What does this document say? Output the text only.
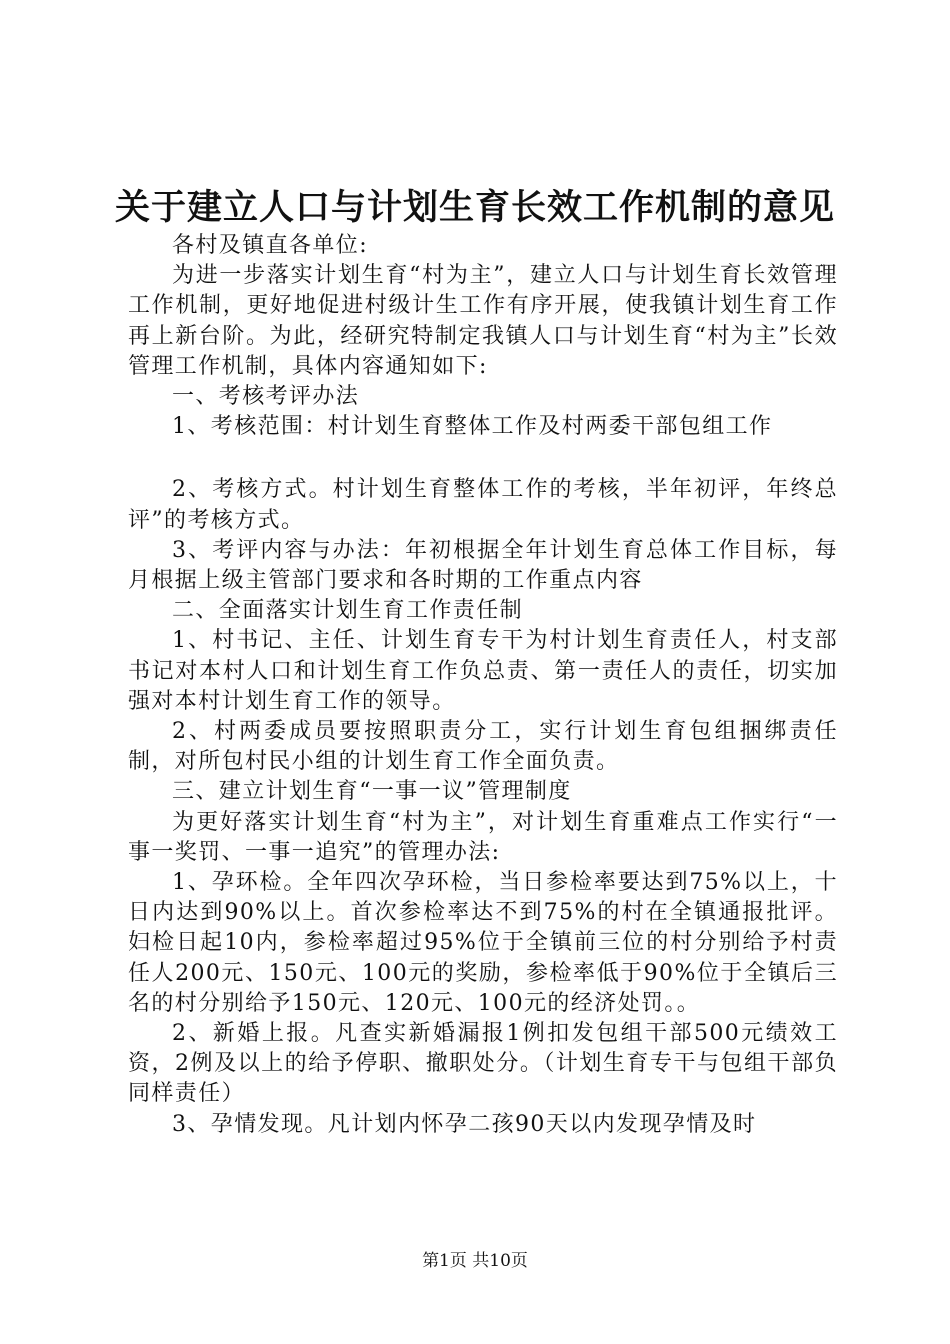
关于建立人口与计划生育长效工作机制的意见

各村及镇直各单位:

为进一步落实计划生育“村为主”，建立人口与计划生育长效管理工作机制，更好地促进村级计生工作有序开展，使我镇计划生育工作再上新台阶。为此，经研究特制定我镇人口与计划生育“村为主”长效管理工作机制，具体内容通知如下:

一、考核考评办法

1、考核范围：村计划生育整体工作及村两委干部包组工作

2、考核方式。村计划生育整体工作的考核，半年初评，年终总评”的考核方式。

3、考评内容与办法：年初根据全年计划生育总体工作目标，每月根据上级主管部门要求和各时期的工作重点内容

二、全面落实计划生育工作责任制

1、村书记、主任、计划生育专干为村计划生育责任人，村支部书记对本村人口和计划生育工作负总责、第一责任人的责任，切实加强对本村计划生育工作的领导。

2、村两委成员要按照职责分工，实行计划生育包组捆绑责任制，对所包村民小组的计划生育工作全面负责。

三、建立计划生育“一事一议”管理制度

为更好落实计划生育“村为主”，对计划生育重难点工作实行“一事一奖罚、一事一追究”的管理办法:

1、孕环检。全年四次孕环检，当日参检率要达到75%以上，十日内达到90%以上。首次参检率达不到75%的村在全镇通报批评。妇检日起10内，参检率超过95%位于全镇前三位的村分别给予村责任人200元、150元、100元的奖励，参检率低于90%位于全镇后三名的村分别给予150元、120元、100元的经济处罚。。

2、新婚上报。凡查实新婚漏报1例扣发包组干部500元绩效工资，2例及以上的给予停职、撤职处分。（计划生育专干与包组干部负同样责任）

3、孕情发现。凡计划内怀孕二孩90天以内发现孕情及时

第1页 共10页
